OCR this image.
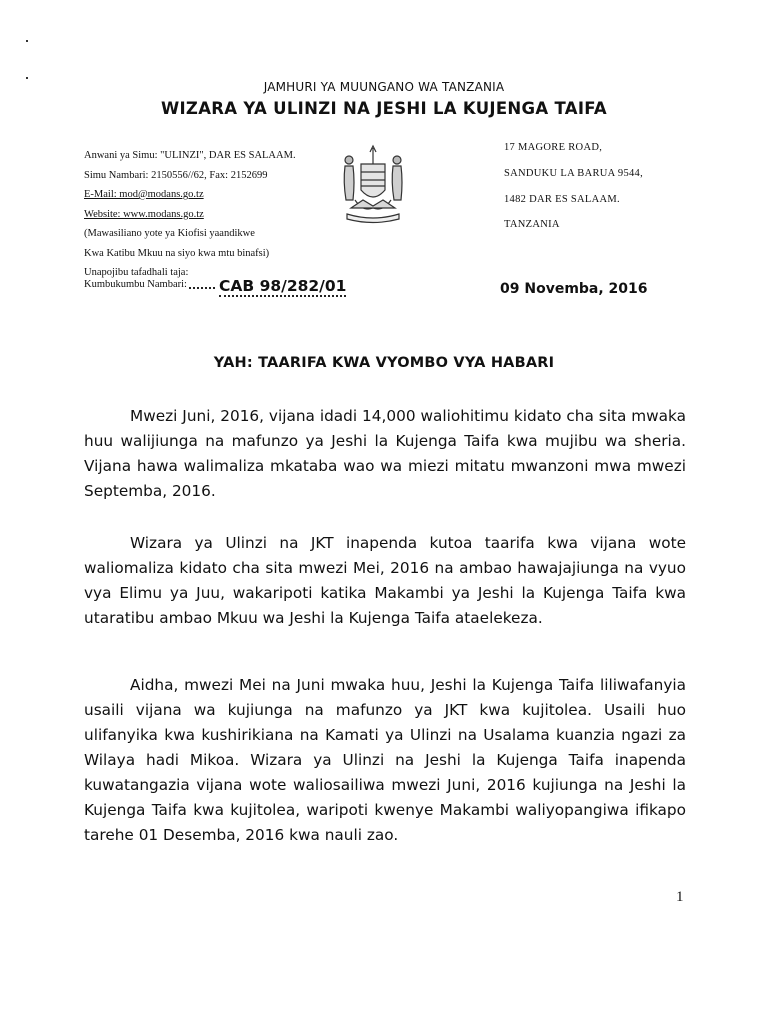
JAMHURI YA MUUNGANO WA TANZANIA
WIZARA YA ULINZI NA JESHI LA KUJENGA TAIFA
Anwani ya Simu: "ULINZI", DAR ES SALAAM.
Simu Nambari: 2150556//62, Fax: 2152699
E-Mail: mod@modans.go.tz
Website: www.modans.go.tz
(Mawasiliano yote ya Kiofisi yaandikwe
Kwa Katibu Mkuu na siyo kwa mtu binafsi)
Unapojibu tafadhali taja:
17 MAGORE ROAD,
SANDUKU LA BARUA 9544,
1482 DAR ES SALAAM.
TANZANIA
Kumbukumbu Nambari:	CAB 98/282/01	09 Novemba, 2016
YAH: TAARIFA KWA VYOMBO VYA HABARI

Mwezi Juni, 2016, vijana idadi 14,000 waliohitimu kidato cha sita mwaka huu walijiunga na mafunzo ya Jeshi la Kujenga Taifa kwa mujibu wa sheria. Vijana hawa walimaliza mkataba wao wa miezi mitatu mwanzoni mwa mwezi Septemba, 2016.

Wizara ya Ulinzi na JKT inapenda kutoa taarifa kwa vijana wote waliomaliza kidato cha sita mwezi Mei, 2016 na ambao hawajajiunga na vyuo vya Elimu ya Juu, wakaripoti katika Makambi ya Jeshi la Kujenga Taifa kwa utaratibu ambao Mkuu wa Jeshi la Kujenga Taifa ataelekeza.

Aidha, mwezi Mei na Juni mwaka huu, Jeshi la Kujenga Taifa liliwafanyia usaili vijana wa kujiunga na mafunzo ya JKT kwa kujitolea. Usaili huo ulifanyika kwa kushirikiana na Kamati ya Ulinzi na Usalama kuanzia ngazi za Wilaya hadi Mikoa. Wizara ya Ulinzi na Jeshi la Kujenga Taifa inapenda kuwatangazia vijana wote waliosailiwa mwezi Juni, 2016 kujiunga na Jeshi la Kujenga Taifa kwa kujitolea, waripoti kwenye Makambi waliyopangiwa ifikapo tarehe 01 Desemba, 2016 kwa nauli zao.

1
